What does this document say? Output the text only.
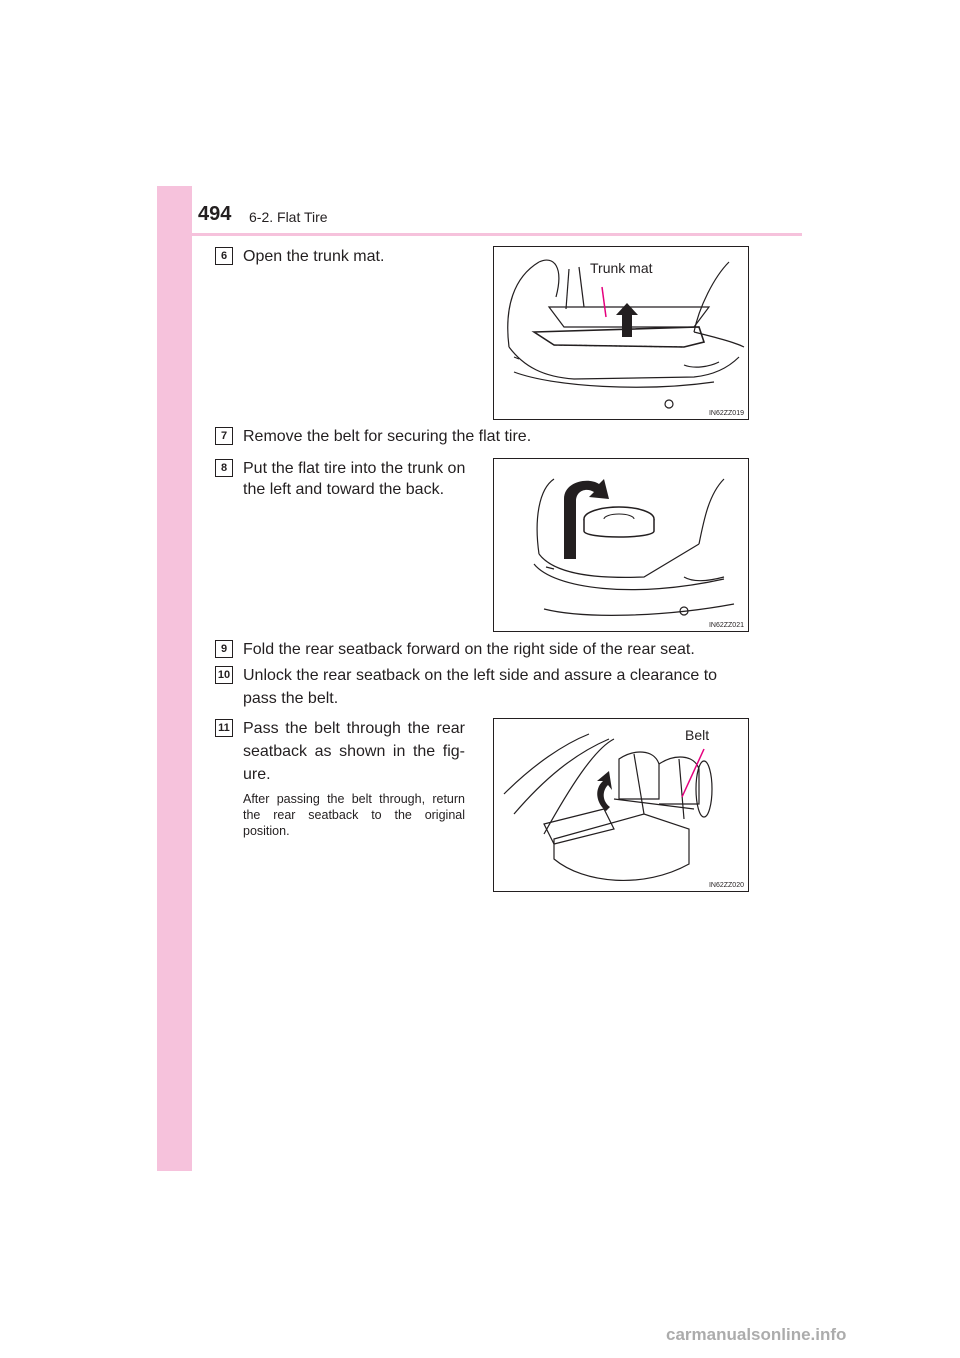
494 6-2. Flat Tire
6 Open the trunk mat.
Trunk mat
IN62ZZ019
7 Remove the belt for securing the flat tire.
8 Put the flat tire into the trunk on
the left and toward the back.
IN62ZZ021
9 Fold the rear seatback forward on the right side of the rear seat.
10 Unlock the rear seatback on the left side and assure a clearance to
pass the belt.
11 Pass the belt through the rear
seatback as shown in the fig-
ure.
After passing the belt through, return the rear seatback to the original position.
Belt
IN62ZZ020
carmanualsonline.info
